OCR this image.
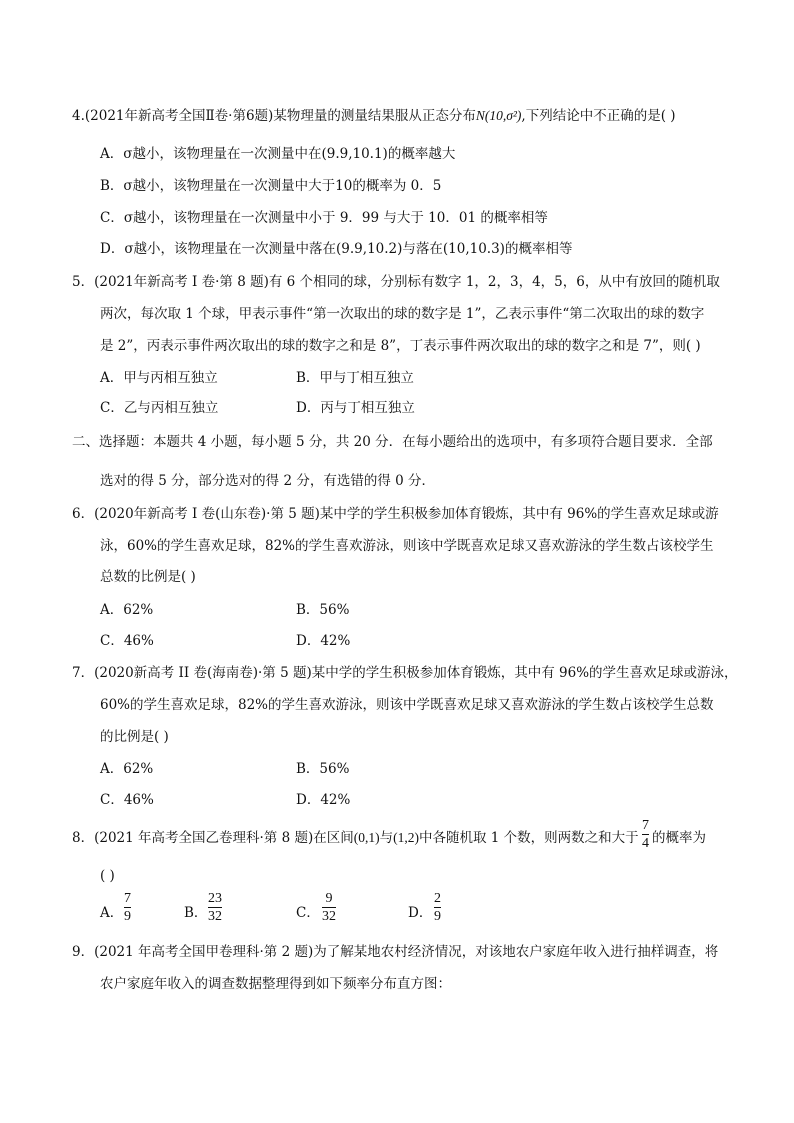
4.(2021年新高考全国Ⅱ卷·第6题)某物理量的测量结果服从正态分布N(10,σ²),下列结论中不正确的是( )
A．σ越小，该物理量在一次测量中在(9.9,10.1)的概率越大
B．σ越小，该物理量在一次测量中大于10的概率为 0．5
C．σ越小，该物理量在一次测量中小于 9．99 与大于 10．01 的概率相等
D．σ越小，该物理量在一次测量中落在(9.9,10.2)与落在(10,10.3)的概率相等
5．(2021年新高考 I 卷·第 8 题)有 6 个相同的球，分别标有数字 1，2，3，4，5，6，从中有放回的随机取
两次，每次取 1 个球，甲表示事件“第一次取出的球的数字是 1”，乙表示事件“第二次取出的球的数字
是 2”，丙表示事件两次取出的球的数字之和是 8”，丁表示事件两次取出的球的数字之和是 7”，则( )
A．甲与丙相互独立	B．甲与丁相互独立
C．乙与丙相互独立	D．丙与丁相互独立
二、选择题：本题共 4 小题，每小题 5 分，共 20 分．在每小题给出的选项中，有多项符合题目要求．全部
选对的得 5 分，部分选对的得 2 分，有选错的得 0 分．
6．(2020年新高考 I 卷(山东卷)·第 5 题)某中学的学生积极参加体育锻炼，其中有 96%的学生喜欢足球或游
泳，60%的学生喜欢足球，82%的学生喜欢游泳，则该中学既喜欢足球又喜欢游泳的学生数占该校学生
总数的比例是( )
A．62%	B．56%
C．46%	D．42%
7．(2020新高考 II 卷(海南卷)·第 5 题)某中学的学生积极参加体育锻炼，其中有 96%的学生喜欢足球或游泳，
60%的学生喜欢足球，82%的学生喜欢游泳，则该中学既喜欢足球又喜欢游泳的学生数占该校学生总数
的比例是( )
A．62%	B．56%
C．46%	D．42%
8．(2021 年高考全国乙卷理科·第 8 题)在区间(0,1)与(1,2)中各随机取 1 个数，则两数之和大于
7
4 的概率为
( )
A．
7
9	B．
23
32	C．
9
32	D．
2
9
9．(2021 年高考全国甲卷理科·第 2 题)为了解某地农村经济情况，对该地农户家庭年收入进行抽样调查，将
农户家庭年收入的调查数据整理得到如下频率分布直方图：
